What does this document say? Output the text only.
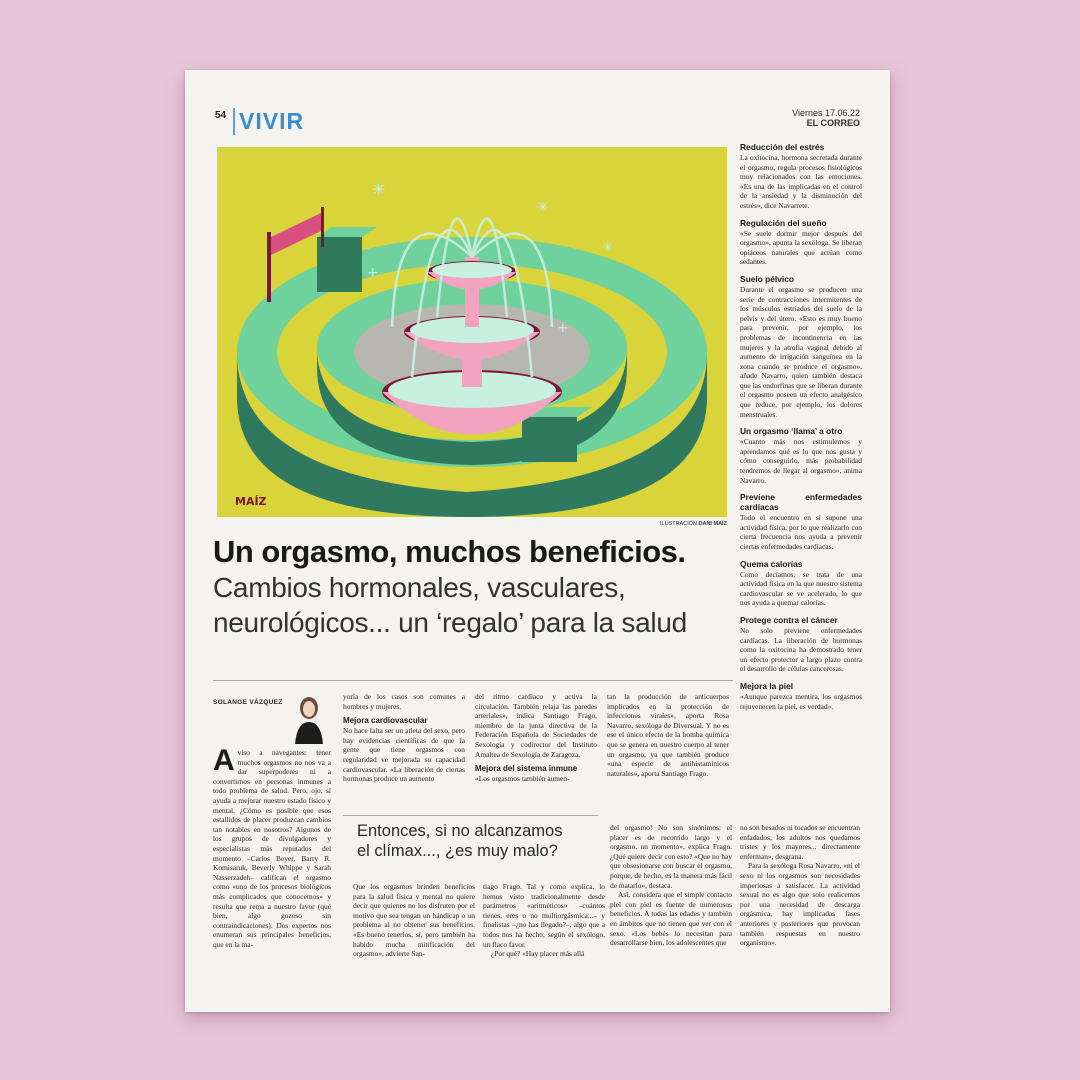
54 VIVIR	Viernes 17.06.22
EL CORREO
✳
✳
✳
+
+
MAÍZ
ILUSTRACIÓN DANI MAÍZ
Un orgasmo, muchos beneficios.
Cambios hormonales, vasculares, neurológicos... un ‘regalo’ para la salud
SOLANGE VÁZQUEZ
Aviso a navegantes: tener muchos orgasmos no nos va a dar superpoderes ni a convertirnos en personas inmunes a todo problema de salud. Pero, ojo, sí ayuda a mejorar nuestro estado físico y mental. ¿Cómo es posible que esos estallidos de placer produzcan cambios tan notables en nosotros? Algunos de los grupos de divulgadores y especialistas más reputados del momento –Carlos Beyer, Barry R. Komisaruk, Beverly Whippe y Sarah Nasserzadeh– califican el orgasmo como «uno de los procesos biológicos más complicados que conocemos» y resulta que rema a nuestro favor (qué bien, algo gozoso sin contraindicaciones). Dos expertos nos enumeran sus principales beneficios, que en la ma-

yoría de los casos son comunes a hombres y mujeres.

Mejora cardiovascular

No hace falta ser un atleta del sexo, pero hay evidencias científicas de que la gente que tiene orgasmos con regularidad ve mejorada su capacidad cardiovascular. «La liberación de ciertas hormonas produce un aumento

del ritmo cardiaco y activa la circulación. También relaja las paredes arteriales», indica Santiago Frago, miembro de la junta directiva de la Federación Española de Sociedades de Sexología y codirector del Instituto Amaltea de Sexología de Zaragoza.

Mejora del sistema inmune

«Los orgasmos también aumen-

tan la producción de anticuerpos implicados en la protección de infecciones virales», aporta Rosa Navarro, sexóloga de Diversual. Y no es ese el único efecto de la bomba química que se genera en nuestro cuerpo al tener un orgasmo, ya que también produce «una especie de antihistamínicos naturales», aporta Santiago Frago.

Entonces, si no alcanzamos
el clímax..., ¿es muy malo?

Que los orgasmos brinden beneficios para la salud física y mental no quiere decir que quienes no los disfruten por el motivo que sea tengan un hándicap o un problema al no obtener sus beneficios. «Es bueno tenerlos, sí, pero también ha habido mucha mitificación del orgasmo», advierte San-

tiago Frago. Tal y como explica, lo hemos visto tradicionalmente desde parámetros «aritméticos» –cuántos tienes, eres o no multiorgásmica...– y finalistas –¿no has llegado?–, algo que a todos nos ha hecho, según el sexólogo, un flaco favor.

¿Por qué? «Hay placer más allá

del orgasmo! No son sinónimos: el placer es de recorrido largo y el orgasmo, un momento», explica Frago. ¿Qué quiere decir con esto? «Que no hay que obsesionarse con buscar el orgasmo, porque, de hecho, es la manera más fácil de matarlo», destaca.

Así, considera que el simple contacto piel con piel es fuente de numerosos beneficios. A todas las edades y también en ámbitos que no tienen que ver con el sexo. «Los bebés lo necesitan para desarrollarse bien, los adolescentes que

no son besados ni tocados se encuentran enfadados, los adultos nos quedamos tristes y los mayores... directamente enferman», desgrana.

Para la sexóloga Rosa Navarro, «ni el sexo ni los orgasmos son necesidades imperiosas a satisfacer. La actividad sexual no es algo que solo realicemos por una necesidad de descarga orgásmica, hay implicadas fases anteriores y posteriores que provocan también respuestas en nuestro organismo».

Reducción del estrés

La oxitocina, hormona secretada durante el orgasmo, regula procesos fisiológicos muy relacionados con las emociones. «Es una de las implicadas en el control de la ansiedad y la disminución del estrés», dice Navarrete.

Regulación del sueño

«Se suele dormir mejor después del orgasmo», apunta la sexóloga. Se liberan opiáceos naturales que actúan como sedantes.

Suelo pélvico

Durante el orgasmo se producen una serie de contracciones intermitentes de los músculos estriados del suelo de la pelvis y del útero. «Esto es muy bueno para prevenir, por ejemplo, los problemas de incontinencia en las mujeres y la atrofia vaginal debido al aumento de irrigación sanguínea en la zona cuando se produce el orgasmo», añade Navarro, quien también destaca que las endorfinas que se liberan durante el orgasmo poseen un efecto analgésico que reduce, por ejemplo, los dolores menstruales.

Un orgasmo ‘llama’ a otro

«Cuanto más nos estimulemos y aprendamos qué es lo que nos gusta y cómo conseguirlo, más probabilidad tendremos de llegar al orgasmo», anima Navarro.

Previene enfermedades cardíacas

Todo el encuentro en sí supone una actividad física, por lo que realizarlo con cierta frecuencia nos ayuda a prevenir ciertas enfermedades cardíacas.

Quema calorías

Como decíamos, se trata de una actividad física en la que nuestro sistema cardiovascular se ve acelerado, lo que nos ayuda a quemar calorías.

Protege contra el cáncer

No solo previene enfermedades cardíacas. La liberación de hormonas como la oxitocina ha demostrado tener un efecto protector a largo plazo contra el desarrollo de células cancerosas.

Mejora la piel

«Aunque parezca mentira, los orgasmos rejuvenecen la piel, es verdad».
